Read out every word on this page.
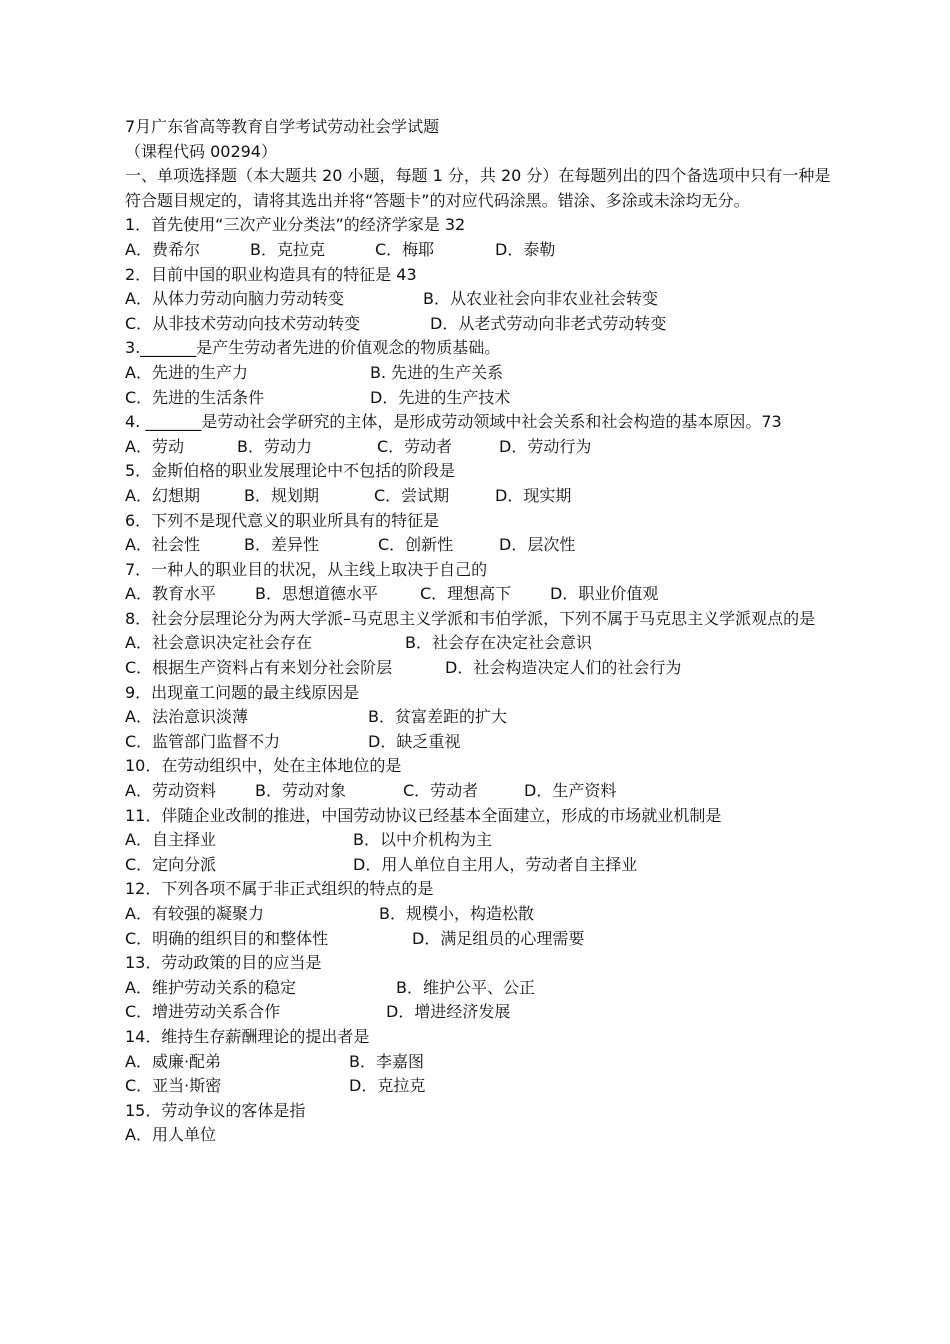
7月广东省高等教育自学考试劳动社会学试题
（课程代码 00294）
一、单项选择题（本大题共 20 小题，每题 1 分，共 20 分）在每题列出的四个备选项中只有一种是符合题目规定的，请将其选出并将“答题卡”的对应代码涂黑。错涂、多涂或未涂均无分。
1．首先使用“三次产业分类法”的经济学家是 32
A．费希尔	B．克拉克	C．梅耶	D．泰勒
2．目前中国的职业构造具有的特征是 43
A．从体力劳动向脑力劳动转变	B．从农业社会向非农业社会转变
C．从非技术劳动向技术劳动转变	D．从老式劳动向非老式劳动转变
3._______是产生劳动者先进的价值观念的物质基础。
A．先进的生产力	B. 先进的生产关系
C．先进的生活条件	D．先进的生产技术
4. _______是劳动社会学研究的主体，是形成劳动领域中社会关系和社会构造的基本原因。73
A．劳动	B．劳动力	C．劳动者	D．劳动行为
5．金斯伯格的职业发展理论中不包括的阶段是
A．幻想期	B．规划期	C．尝试期	D．现实期
6．下列不是现代意义的职业所具有的特征是
A．社会性	B．差异性	C．创新性	D．层次性
7．一种人的职业目的状况，从主线上取决于自己的
A．教育水平	B．思想道德水平	C．理想高下	D．职业价值观
8．社会分层理论分为两大学派–马克思主义学派和韦伯学派，下列不属于马克思主义学派观点的是
A．社会意识决定社会存在	B．社会存在决定社会意识
C．根据生产资料占有来划分社会阶层	D．社会构造决定人们的社会行为
9．出现童工问题的最主线原因是
A．法治意识淡薄	B．贫富差距的扩大
C．监管部门监督不力	D．缺乏重视
10．在劳动组织中，处在主体地位的是
A．劳动资料	B．劳动对象	C．劳动者	D．生产资料
11．伴随企业改制的推进，中国劳动协议已经基本全面建立，形成的市场就业机制是
A．自主择业	B．以中介机构为主
C．定向分派	D．用人单位自主用人，劳动者自主择业
12．下列各项不属于非正式组织的特点的是
A．有较强的凝聚力	B．规模小，构造松散
C．明确的组织目的和整体性	D．满足组员的心理需要
13．劳动政策的目的应当是
A．维护劳动关系的稳定	B．维护公平、公正
C．增进劳动关系合作	D．增进经济发展
14．维持生存薪酬理论的提出者是
A．威廉·配弟	B．李嘉图
C．亚当·斯密	D．克拉克
15．劳动争议的客体是指
A．用人单位
